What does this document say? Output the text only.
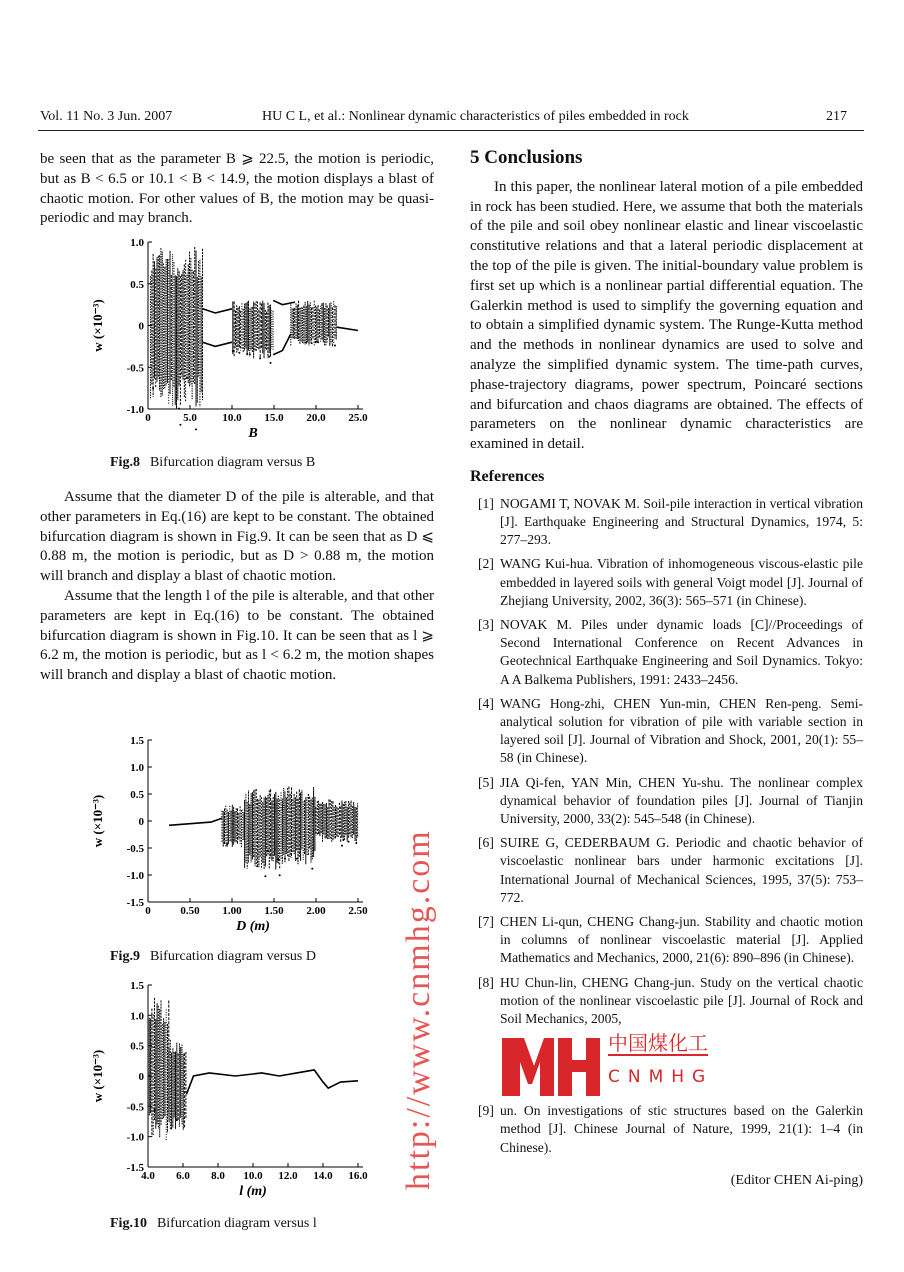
Vol. 11 No. 3 Jun. 2007	HU C L, et al.: Nonlinear dynamic characteristics of piles embedded in rock	217

be seen that as the parameter B ⩾ 22.5, the motion is periodic, but as B < 6.5 or 10.1 < B < 14.9, the motion displays a blast of chaotic motion. For other values of B, the motion may be quasi-periodic and may branch.

0	5.0 10.0 15.0 20.0 25.0
1.0
0.5
0
-0.5
-1.0
B
w (×10⁻³)
Fig.8 Bifurcation diagram versus B

Assume that the diameter D of the pile is alterable, and that other parameters in Eq.(16) are kept to be constant. The obtained bifurcation diagram is shown in Fig.9. It can be seen that as D ⩽ 0.88 m, the motion is periodic, but as D > 0.88 m, the motion will branch and display a blast of chaotic motion.

Assume that the length l of the pile is alterable, and that other parameters are kept in Eq.(16) to be constant. The obtained bifurcation diagram is shown in Fig.10. It can be seen that as l ⩾ 6.2 m, the motion is periodic, but as l < 6.2 m, the motion shapes will branch and display a blast of chaotic motion.

0	0.50 1.00 1.50 2.00 2.50
1.5
1.0
0.5
0
-0.5
-1.0
-1.5
D (m)
w (×10⁻³)
Fig.9 Bifurcation diagram versus D
4.0 6.0 8.0 10.0 12.0 14.0 16.0
1.5
1.0
0.5
0
-0.5
-1.0
-1.5
l (m)
w (×10⁻³)
Fig.10 Bifurcation diagram versus l
5 Conclusions

In this paper, the nonlinear lateral motion of a pile embedded in rock has been studied. Here, we assume that both the materials of the pile and soil obey nonlinear elastic and linear viscoelastic constitutive relations and that a lateral periodic displacement at the top of the pile is given. The initial-boundary value problem is first set up which is a nonlinear partial differential equation. The Galerkin method is used to simplify the governing equation and to obtain a simplified dynamic system. The Runge-Kutta method and the methods in nonlinear dynamics are used to solve and analyze the simplified dynamic system. The time-path curves, phase-trajectory diagrams, power spectrum, Poincaré sections and bifurcation and chaos diagrams are obtained. The effects of parameters on the nonlinear dynamic characteristics are examined in detail.

References
[1] NOGAMI T, NOVAK M. Soil-pile interaction in vertical vibration [J]. Earthquake Engineering and Structural Dynamics, 1974, 5: 277–293.
[2] WANG Kui-hua. Vibration of inhomogeneous viscous-elastic pile embedded in layered soils with general Voigt model [J]. Journal of Zhejiang University, 2002, 36(3): 565–571 (in Chinese).
[3] NOVAK M. Piles under dynamic loads [C]//Proceedings of Second International Conference on Recent Advances in Geotechnical Earthquake Engineering and Soil Dynamics. Tokyo: A A Balkema Publishers, 1991: 2433–2456.
[4] WANG Hong-zhi, CHEN Yun-min, CHEN Ren-peng. Semi-analytical solution for vibration of pile with variable section in layered soil [J]. Journal of Vibration and Shock, 2001, 20(1): 55–58 (in Chinese).
[5] JIA Qi-fen, YAN Min, CHEN Yu-shu. The nonlinear complex dynamical behavior of foundation piles [J]. Journal of Tianjin University, 2000, 33(2): 545–548 (in Chinese).
[6] SUIRE G, CEDERBAUM G. Periodic and chaotic behavior of viscoelastic nonlinear bars under harmonic excitations [J]. International Journal of Mechanical Sciences, 1995, 37(5): 753–772.
[7] CHEN Li-qun, CHENG Chang-jun. Stability and chaotic motion in columns of nonlinear viscoelastic material [J]. Applied Mathematics and Mechanics, 2000, 21(6): 890–896 (in Chinese).
[8] HU Chun-lin, CHENG Chang-jun. Study on the vertical chaotic motion of the nonlinear viscoelastic pile [J]. Journal of Rock and Soil Mechanics, 2005,
中国煤化工
CNMHG
[9] un. On investigations of stic structures based on the Galerkin method [J]. Chinese Journal of Nature, 1999, 21(1): 1–4 (in Chinese).
(Editor CHEN Ai-ping)
http://www.cnmhg.com
